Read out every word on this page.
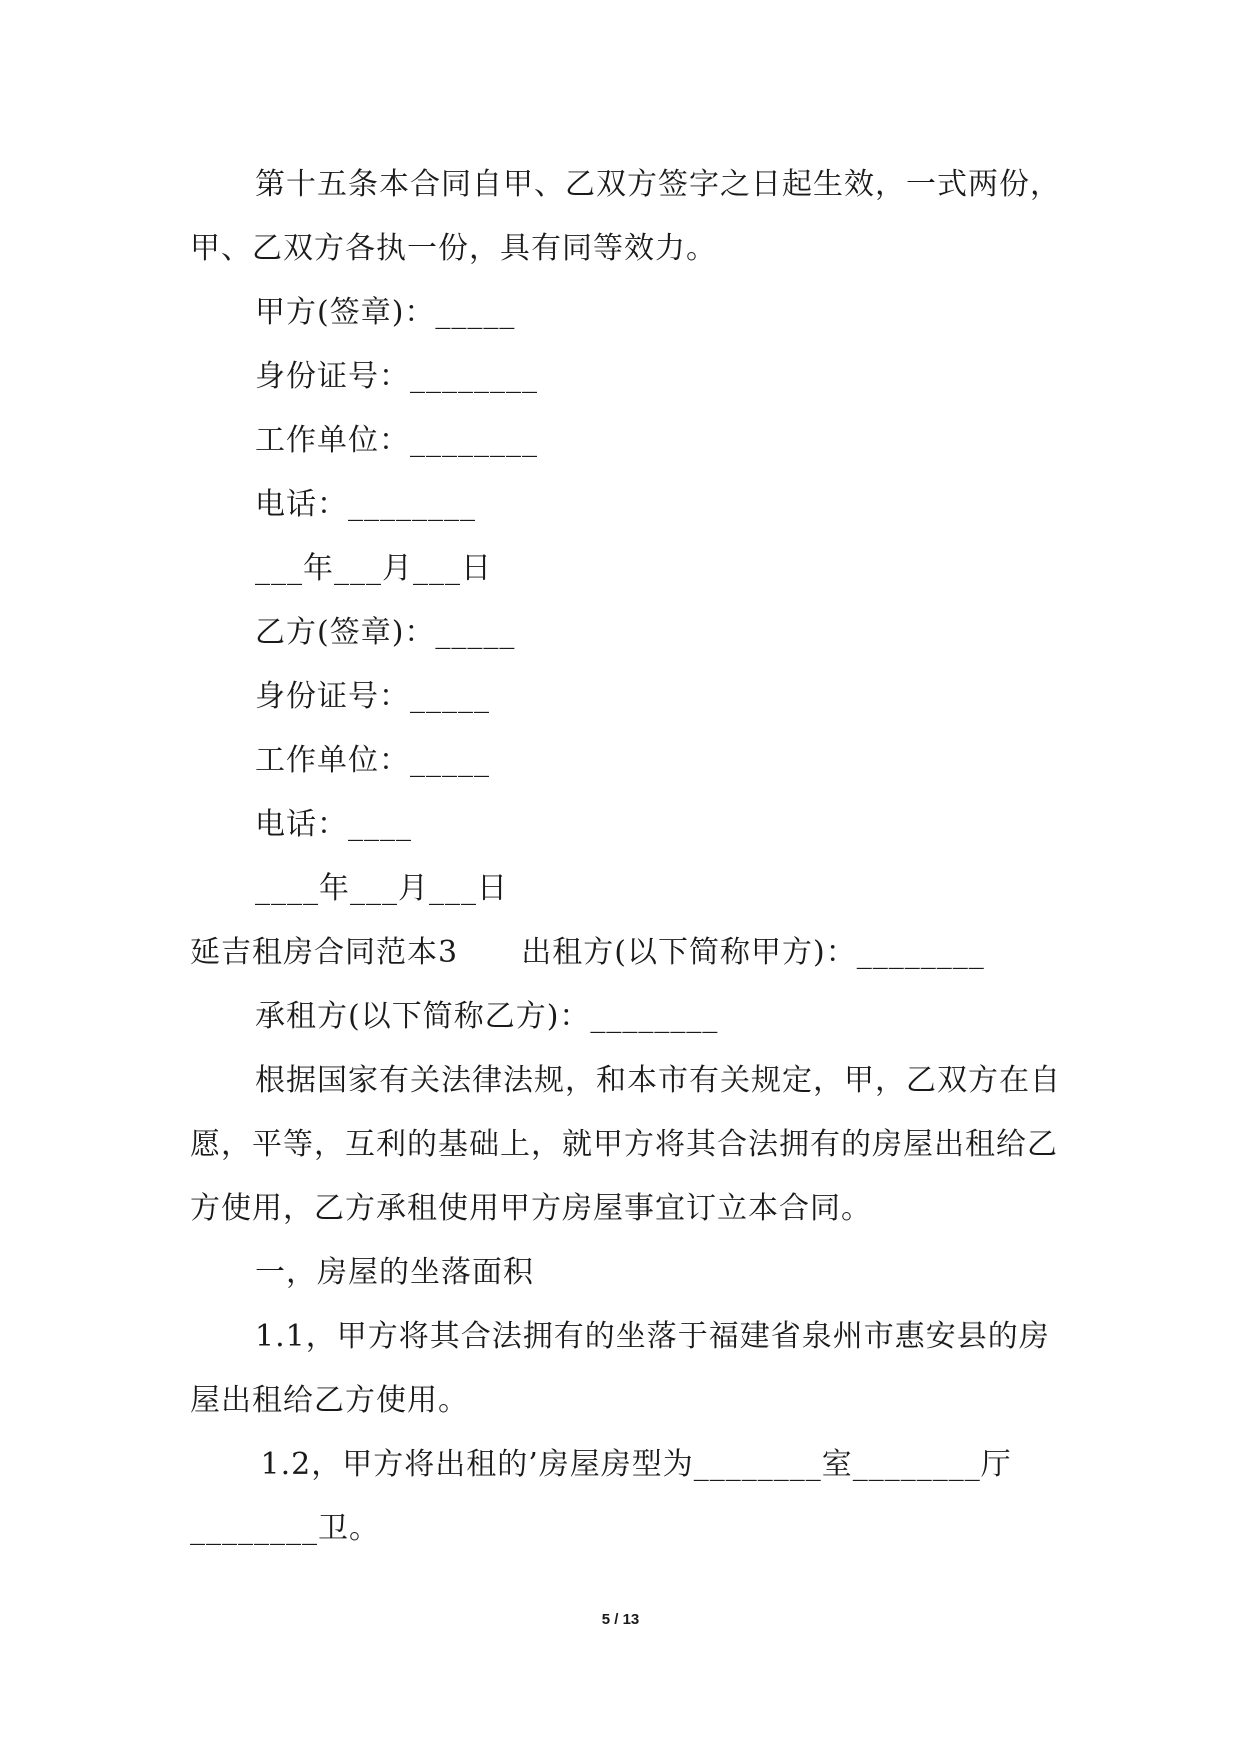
第十五条本合同自甲、乙双方签字之日起生效，一式两份，

甲、乙双方各执一份，具有同等效力。

甲方(签章)：_____

身份证号：________

工作单位：________

电话：________

___年___月___日

乙方(签章)：_____

身份证号：_____

工作单位：_____

电话：____

____年___月___日

延吉租房合同范本3      出租方(以下简称甲方)：________

承租方(以下简称乙方)：________

根据国家有关法律法规，和本市有关规定，甲，乙双方在自

愿，平等，互利的基础上，就甲方将其合法拥有的房屋出租给乙

方使用，乙方承租使用甲方房屋事宜订立本合同。

一，房屋的坐落面积

1.1，甲方将其合法拥有的坐落于福建省泉州市惠安县的房

屋出租给乙方使用。

1.2，甲方将出租的’房屋房型为________室________厅

________卫。

5 / 13
